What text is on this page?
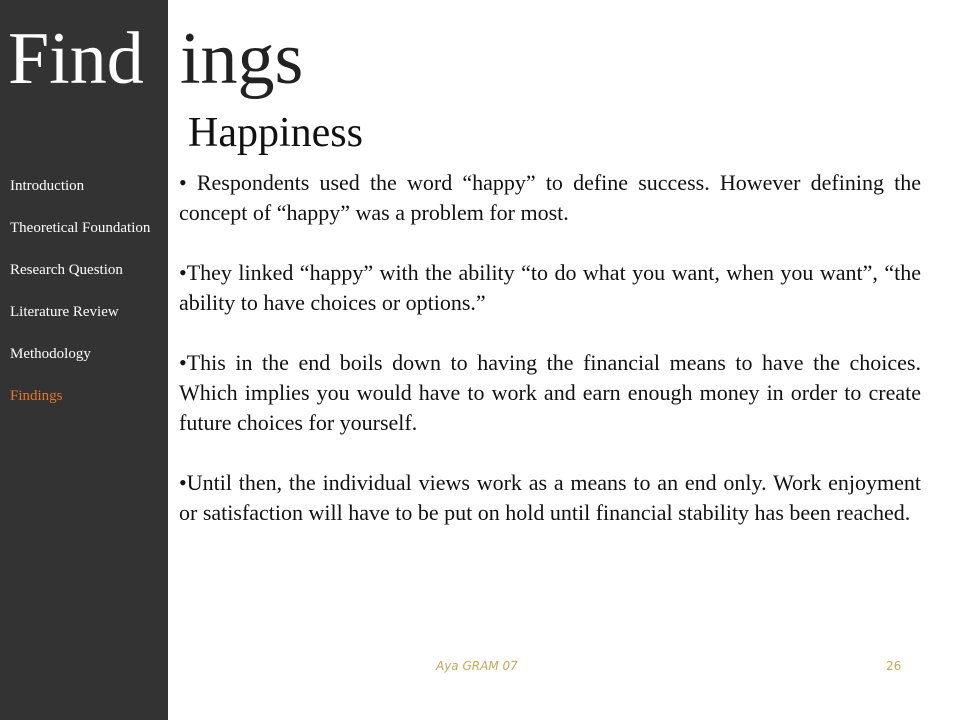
Introduction
Theoretical Foundation
Research Question
Literature Review
Methodology
Findings
Find ings
Happiness

• Respondents used the word “happy” to define success. However defining the concept of “happy” was a problem for most.

•They linked “happy” with the ability “to do what you want, when you want”, “the ability to have choices or options.”

•This in the end boils down to having the financial means to have the choices. Which implies you would have to work and earn enough money in order to create future choices for yourself.

•Until then, the individual views work as a means to an end only. Work enjoyment or satisfaction will have to be put on hold until financial stability has been reached.

Aya GRAM 07	26
